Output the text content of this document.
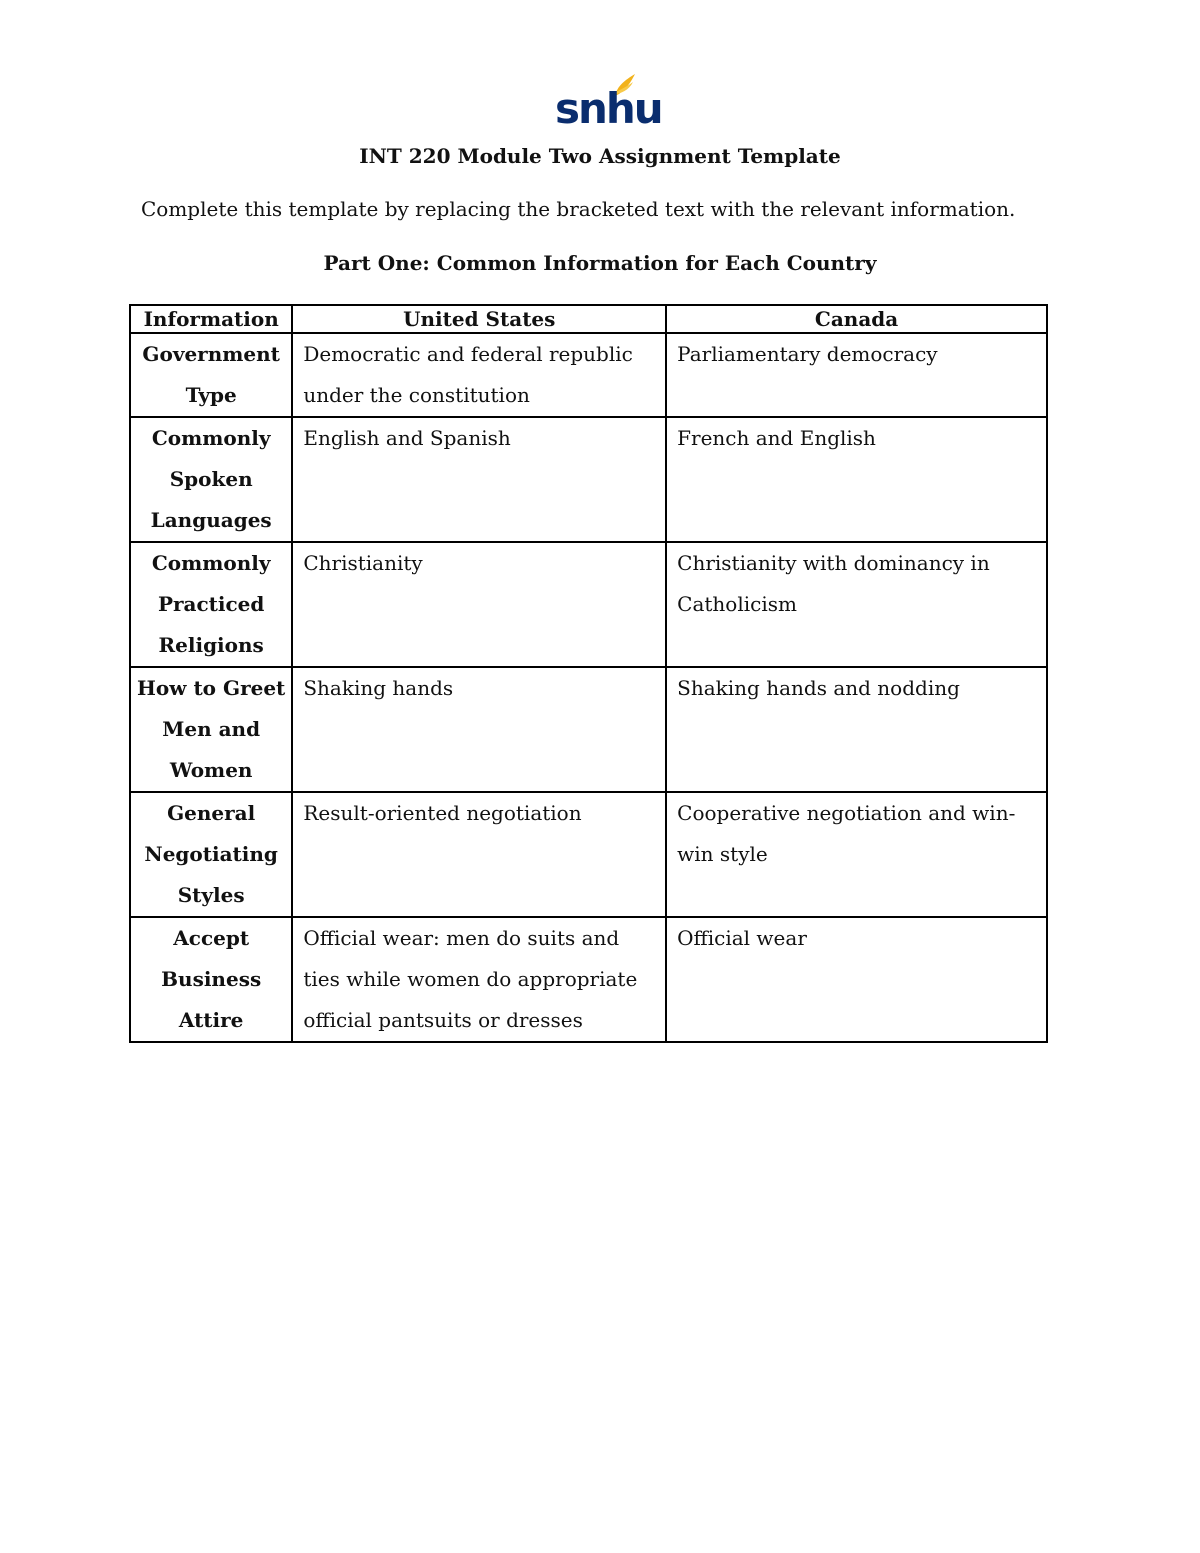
snhu
INT 220 Module Two Assignment Template
Complete this template by replacing the bracketed text with the relevant information.
Part One: Common Information for Each Country
Information	United States	Canada
Government Type	Democratic and federal republic under the constitution	Parliamentary democracy
Commonly Spoken Languages	English and Spanish	French and English
Commonly Practiced Religions	Christianity	Christianity with dominancy in Catholicism
How to Greet Men and Women	Shaking hands	Shaking hands and nodding
General Negotiating Styles	Result-oriented negotiation	Cooperative negotiation and win-win style
Accept Business Attire	Official wear: men do suits and ties while women do appropriate official pantsuits or dresses	Official wear
